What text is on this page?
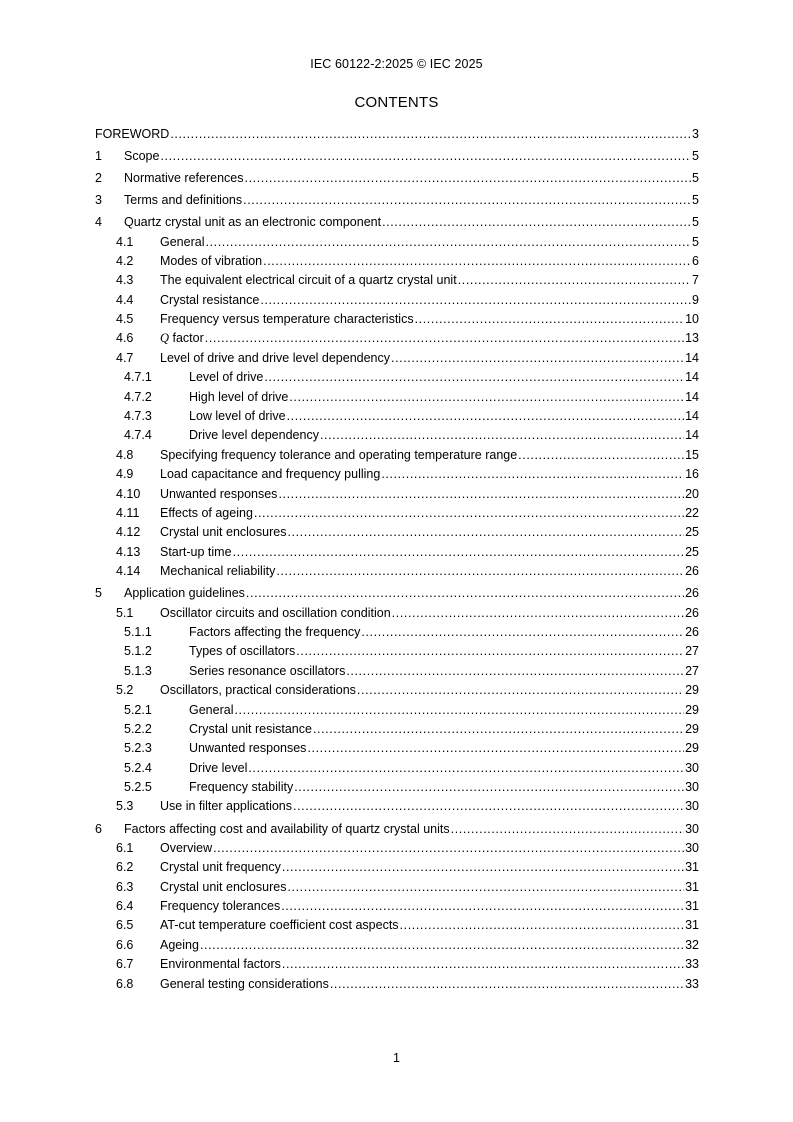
IEC 60122-2:2025 © IEC 2025
CONTENTS
FOREWORD .....	3
1	Scope .....	5
2	Normative references .....	5
3	Terms and definitions .....	5
4	Quartz crystal unit as an electronic component .....	5
4.1	General .....	5
4.2	Modes of vibration .....	6
4.3	The equivalent electrical circuit of a quartz crystal unit .....	7
4.4	Crystal resistance .....	9
4.5	Frequency versus temperature characteristics .....	10
4.6	Q factor .....	13
4.7	Level of drive and drive level dependency .....	14
4.7.1	Level of drive .....	14
4.7.2	High level of drive .....	14
4.7.3	Low level of drive .....	14
4.7.4	Drive level dependency .....	14
4.8	Specifying frequency tolerance and operating temperature range .....	15
4.9	Load capacitance and frequency pulling .....	16
4.10	Unwanted responses .....	20
4.11	Effects of ageing .....	22
4.12	Crystal unit enclosures .....	25
4.13	Start-up time .....	25
4.14	Mechanical reliability .....	26
5	Application guidelines .....	26
5.1	Oscillator circuits and oscillation condition .....	26
5.1.1	Factors affecting the frequency .....	26
5.1.2	Types of oscillators .....	27
5.1.3	Series resonance oscillators .....	27
5.2	Oscillators, practical considerations .....	29
5.2.1	General .....	29
5.2.2	Crystal unit resistance .....	29
5.2.3	Unwanted responses .....	29
5.2.4	Drive level .....	30
5.2.5	Frequency stability .....	30
5.3	Use in filter applications .....	30
6	Factors affecting cost and availability of quartz crystal units .....	30
6.1	Overview .....	30
6.2	Crystal unit frequency .....	31
6.3	Crystal unit enclosures .....	31
6.4	Frequency tolerances .....	31
6.5	AT-cut temperature coefficient cost aspects .....	31
6.6	Ageing .....	32
6.7	Environmental factors .....	33
6.8	General testing considerations .....	33
1
